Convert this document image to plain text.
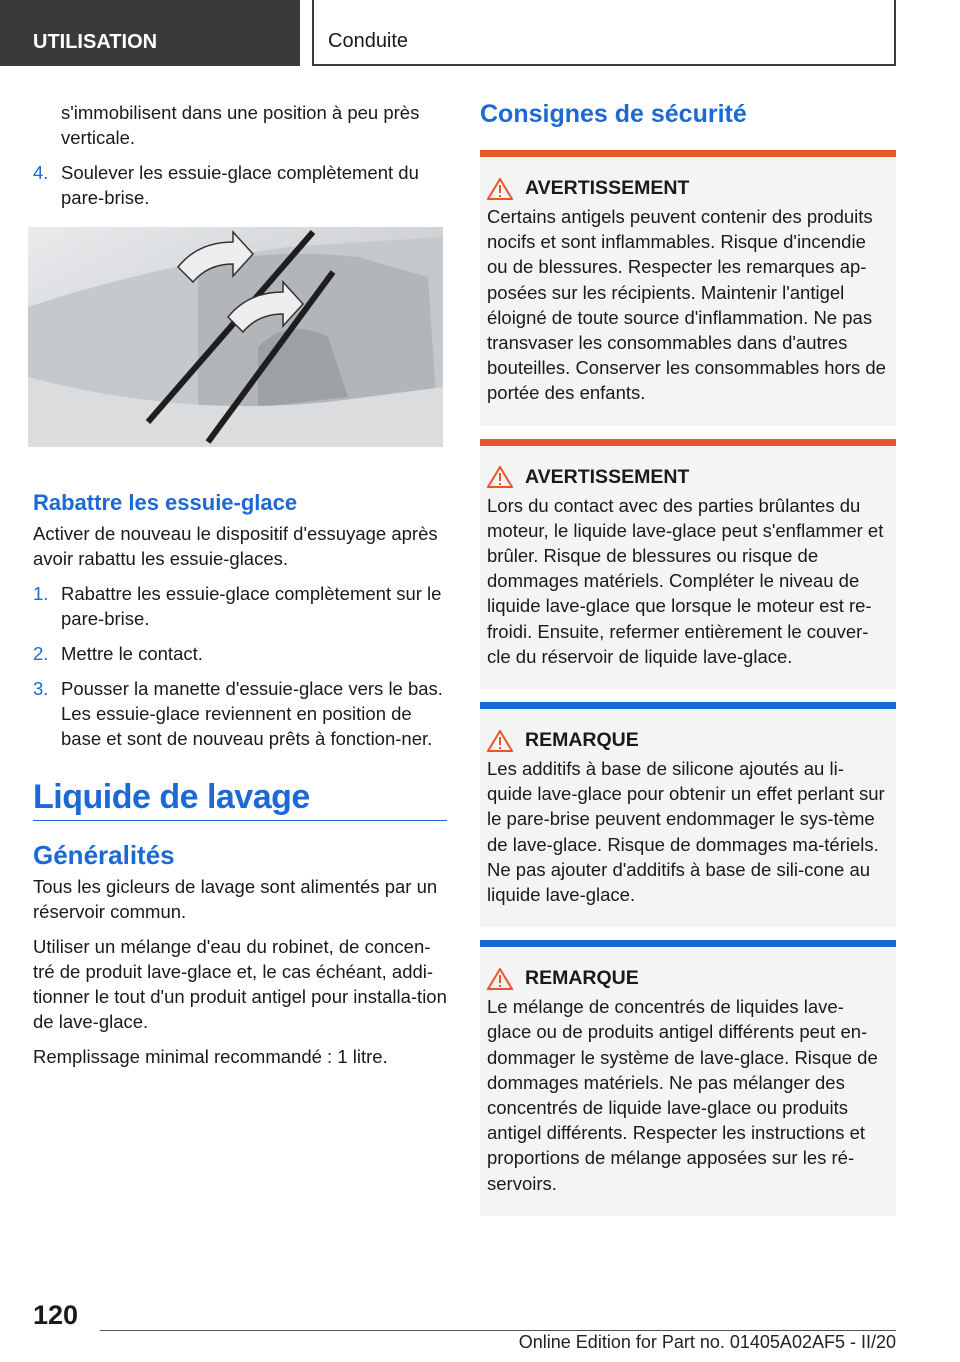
UTILISATION	Conduite
s'immobilisent dans une position à peu près verticale.
4. Soulever les essuie-glace complètement du pare-brise.
Rabattre les essuie-glace
Activer de nouveau le dispositif d'essuyage après avoir rabattu les essuie-glaces.
1. Rabattre les essuie-glace complètement sur le pare-brise.
2. Mettre le contact.
3. Pousser la manette d'essuie-glace vers le bas. Les essuie-glace reviennent en position de base et sont de nouveau prêts à fonction-ner.
Liquide de lavage
Généralités
Tous les gicleurs de lavage sont alimentés par un réservoir commun.
Utiliser un mélange d'eau du robinet, de concen-tré de produit lave-glace et, le cas échéant, addi-tionner le tout d'un produit antigel pour installa-tion de lave-glace.
Remplissage minimal recommandé : 1 litre.
Consignes de sécurité
AVERTISSEMENT
Certains antigels peuvent contenir des produits nocifs et sont inflammables. Risque d'incendie ou de blessures. Respecter les remarques ap-posées sur les récipients. Maintenir l'antigel éloigné de toute source d'inflammation. Ne pas transvaser les consommables dans d'autres bouteilles. Conserver les consommables hors de portée des enfants.
AVERTISSEMENT
Lors du contact avec des parties brûlantes du moteur, le liquide lave-glace peut s'enflammer et brûler. Risque de blessures ou risque de dommages matériels. Compléter le niveau de liquide lave-glace que lorsque le moteur est re-froidi. Ensuite, refermer entièrement le couver-cle du réservoir de liquide lave-glace.
REMARQUE
Les additifs à base de silicone ajoutés au li-quide lave-glace pour obtenir un effet perlant sur le pare-brise peuvent endommager le sys-tème de lave-glace. Risque de dommages ma-tériels. Ne pas ajouter d'additifs à base de sili-cone au liquide lave-glace.
REMARQUE
Le mélange de concentrés de liquides lave-glace ou de produits antigel différents peut en-dommager le système de lave-glace. Risque de dommages matériels. Ne pas mélanger des concentrés de liquide lave-glace ou produits antigel différents. Respecter les instructions et proportions de mélange apposées sur les ré-servoirs.
120
Online Edition for Part no. 01405A02AF5 - II/20
